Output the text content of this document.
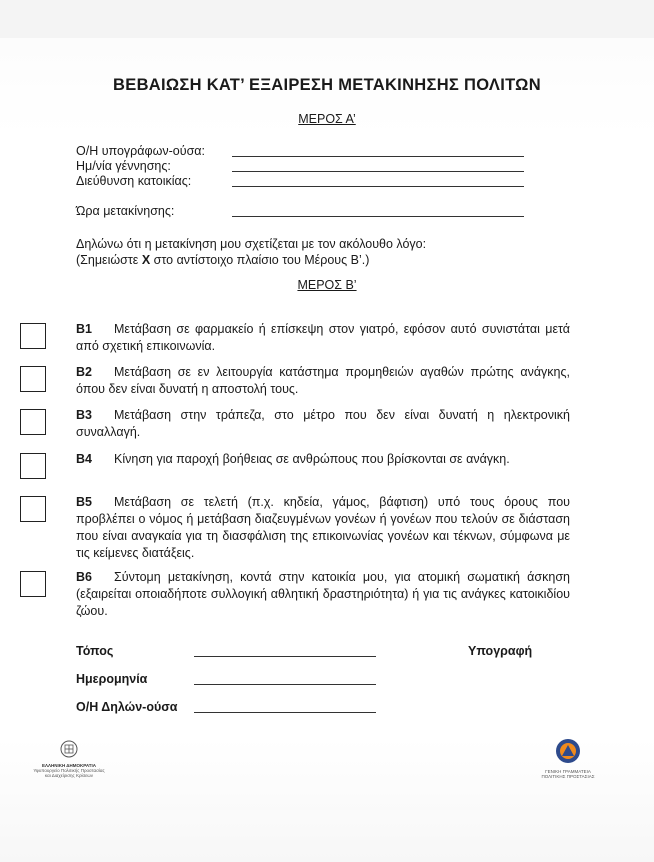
ΒΕΒΑΙΩΣΗ ΚΑΤ’ ΕΞΑΙΡΕΣΗ ΜΕΤΑΚΙΝΗΣΗΣ ΠΟΛΙΤΩΝ
ΜΕΡΟΣ Α’
Ο/Η υπογράφων-ούσα:
Ημ/νία γέννησης:
Διεύθυνση κατοικίας:
Ώρα μετακίνησης:
Δηλώνω ότι η μετακίνηση μου σχετίζεται με τον ακόλουθο λόγο:
(Σημειώστε Χ στο αντίστοιχο πλαίσιο του Μέρους Β’.)
ΜΕΡΟΣ Β’
Β1 Μετάβαση σε φαρμακείο ή επίσκεψη στον γιατρό, εφόσον αυτό συνιστάται μετά από σχετική επικοινωνία.
Β2 Μετάβαση σε εν λειτουργία κατάστημα προμηθειών αγαθών πρώτης ανάγκης, όπου δεν είναι δυνατή η αποστολή τους.
Β3 Μετάβαση στην τράπεζα, στο μέτρο που δεν είναι δυνατή η ηλεκτρονική συναλλαγή.
Β4 Κίνηση για παροχή βοήθειας σε ανθρώπους που βρίσκονται σε ανάγκη.
Β5 Μετάβαση σε τελετή (π.χ. κηδεία, γάμος, βάφτιση) υπό τους όρους που προβλέπει ο νόμος ή μετάβαση διαζευγμένων γονέων ή γονέων που τελούν σε διάσταση που είναι αναγκαία για τη διασφάλιση της επικοινωνίας γονέων και τέκνων, σύμφωνα με τις κείμενες διατάξεις.
Β6 Σύντομη μετακίνηση, κοντά στην κατοικία μου, για ατομική σωματική άσκηση (εξαιρείται οποιαδήποτε συλλογική αθλητική δραστηριότητα) ή για τις ανάγκες κατοικιδίου ζώου.
Τόπος	Υπογραφή
Ημερομηνία
Ο/Η Δηλών-ούσα
ΕΛΛΗΝΙΚΗ ΔΗΜΟΚΡΑΤΙΑ
Υφυπουργείο Πολιτικής Προστασίας
και Διαχείρισης Κρίσεων
ΓΕΝΙΚΗ ΓΡΑΜΜΑΤΕΙΑ
ΠΟΛΙΤΙΚΗΣ ΠΡΟΣΤΑΣΙΑΣ
